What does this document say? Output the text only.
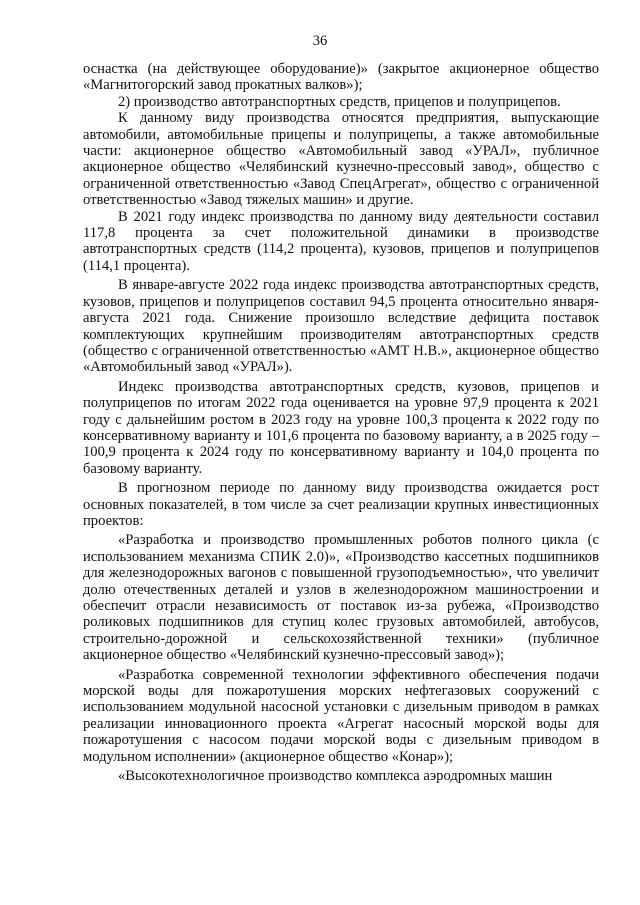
36

оснастка (на действующее оборудование)» (закрытое акционерное общество «Магнитогорский завод прокатных валков»);

2) производство автотранспортных средств, прицепов и полуприцепов.

К данному виду производства относятся предприятия, выпускающие автомобили, автомобильные прицепы и полуприцепы, а также автомобильные части: акционерное общество «Автомобильный завод «УРАЛ», публичное акционерное общество «Челябинский кузнечно-прессовый завод», общество с ограниченной ответственностью «Завод СпецАгрегат», общество с ограниченной ответственностью «Завод тяжелых машин» и другие.

В 2021 году индекс производства по данному виду деятельности составил 117,8 процента за счет положительной динамики в производстве автотранспортных средств (114,2 процента), кузовов, прицепов и полуприцепов (114,1 процента).

В январе-августе 2022 года индекс производства автотранспортных средств, кузовов, прицепов и полуприцепов составил 94,5 процента относительно января-августа 2021 года. Снижение произошло вследствие дефицита поставок комплектующих крупнейшим производителям автотранспортных средств (общество с ограниченной ответственностью «АМТ Н.В.», акционерное общество «Автомобильный завод «УРАЛ»).

Индекс производства автотранспортных средств, кузовов, прицепов и полуприцепов по итогам 2022 года оценивается на уровне 97,9 процента к 2021 году с дальнейшим ростом в 2023 году на уровне 100,3 процента к 2022 году по консервативному варианту и 101,6 процента по базовому варианту, а в 2025 году – 100,9 процента к 2024 году по консервативному варианту и 104,0 процента по базовому варианту.

В прогнозном периоде по данному виду производства ожидается рост основных показателей, в том числе за счет реализации крупных инвестиционных проектов:

«Разработка и производство промышленных роботов полного цикла (с использованием механизма СПИК 2.0)», «Производство кассетных подшипников для железнодорожных вагонов с повышенной грузоподъемностью», что увеличит долю отечественных деталей и узлов в железнодорожном машиностроении и обеспечит отрасли независимость от поставок из-за рубежа, «Производство роликовых подшипников для ступиц колес грузовых автомобилей, автобусов, строительно-дорожной и сельскохозяйственной техники» (публичное акционерное общество «Челябинский кузнечно-прессовый завод»);

«Разработка современной технологии эффективного обеспечения подачи морской воды для пожаротушения морских нефтегазовых сооружений с использованием модульной насосной установки с дизельным приводом в рамках реализации инновационного проекта «Агрегат насосный морской воды для пожаротушения с насосом подачи морской воды с дизельным приводом в модульном исполнении» (акционерное общество «Конар»);

«Высокотехнологичное производство комплекса аэродромных машин
